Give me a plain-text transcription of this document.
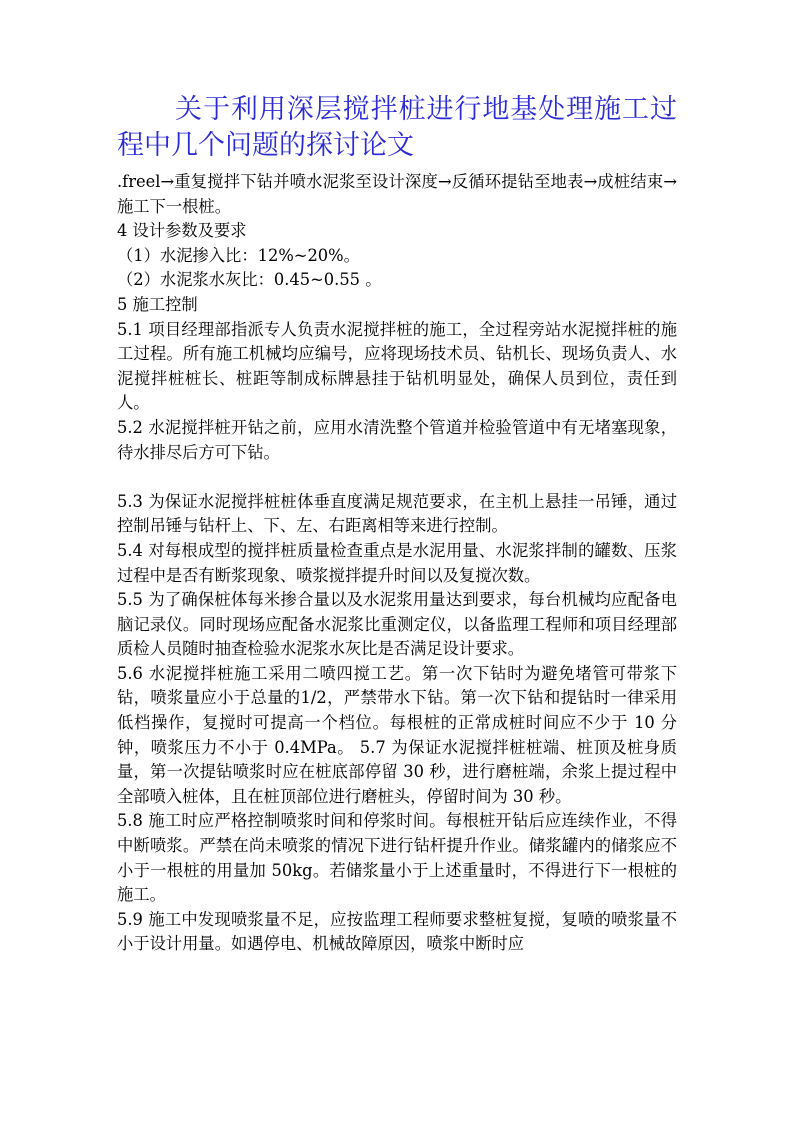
关于利用深层搅拌桩进行地基处理施工过程中几个问题的探讨论文

.freel→重复搅拌下钻并喷水泥浆至设计深度→反循环提钻至地表→成桩结束→施工下一根桩。

4 设计参数及要求

（1）水泥掺入比：12%~20%。

（2）水泥浆水灰比：0.45~0.55 。

5 施工控制

5.1 项目经理部指派专人负责水泥搅拌桩的施工，全过程旁站水泥搅拌桩的施工过程。所有施工机械均应编号，应将现场技术员、钻机长、现场负责人、水泥搅拌桩桩长、桩距等制成标牌悬挂于钻机明显处，确保人员到位，责任到人。

5.2 水泥搅拌桩开钻之前，应用水清洗整个管道并检验管道中有无堵塞现象，待水排尽后方可下钻。

5.3 为保证水泥搅拌桩桩体垂直度满足规范要求，在主机上悬挂一吊锤，通过控制吊锤与钻杆上、下、左、右距离相等来进行控制。

5.4 对每根成型的搅拌桩质量检查重点是水泥用量、水泥浆拌制的罐数、压浆过程中是否有断浆现象、喷浆搅拌提升时间以及复搅次数。

5.5 为了确保桩体每米掺合量以及水泥浆用量达到要求，每台机械均应配备电脑记录仪。同时现场应配备水泥浆比重测定仪，以备监理工程师和项目经理部质检人员随时抽查检验水泥浆水灰比是否满足设计要求。

5.6 水泥搅拌桩施工采用二喷四搅工艺。第一次下钻时为避免堵管可带浆下钻，喷浆量应小于总量的1/2，严禁带水下钻。第一次下钻和提钻时一律采用低档操作，复搅时可提高一个档位。每根桩的正常成桩时间应不少于 10 分钟，喷浆压力不小于 0.4MPa。 5.7 为保证水泥搅拌桩桩端、桩顶及桩身质量，第一次提钻喷浆时应在桩底部停留 30 秒，进行磨桩端，余浆上提过程中全部喷入桩体，且在桩顶部位进行磨桩头，停留时间为 30 秒。

5.8 施工时应严格控制喷浆时间和停浆时间。每根桩开钻后应连续作业，不得中断喷浆。严禁在尚未喷浆的情况下进行钻杆提升作业。储浆罐内的储浆应不小于一根桩的用量加 50kg。若储浆量小于上述重量时，不得进行下一根桩的施工。

5.9 施工中发现喷浆量不足，应按监理工程师要求整桩复搅，复喷的喷浆量不小于设计用量。如遇停电、机械故障原因，喷浆中断时应
